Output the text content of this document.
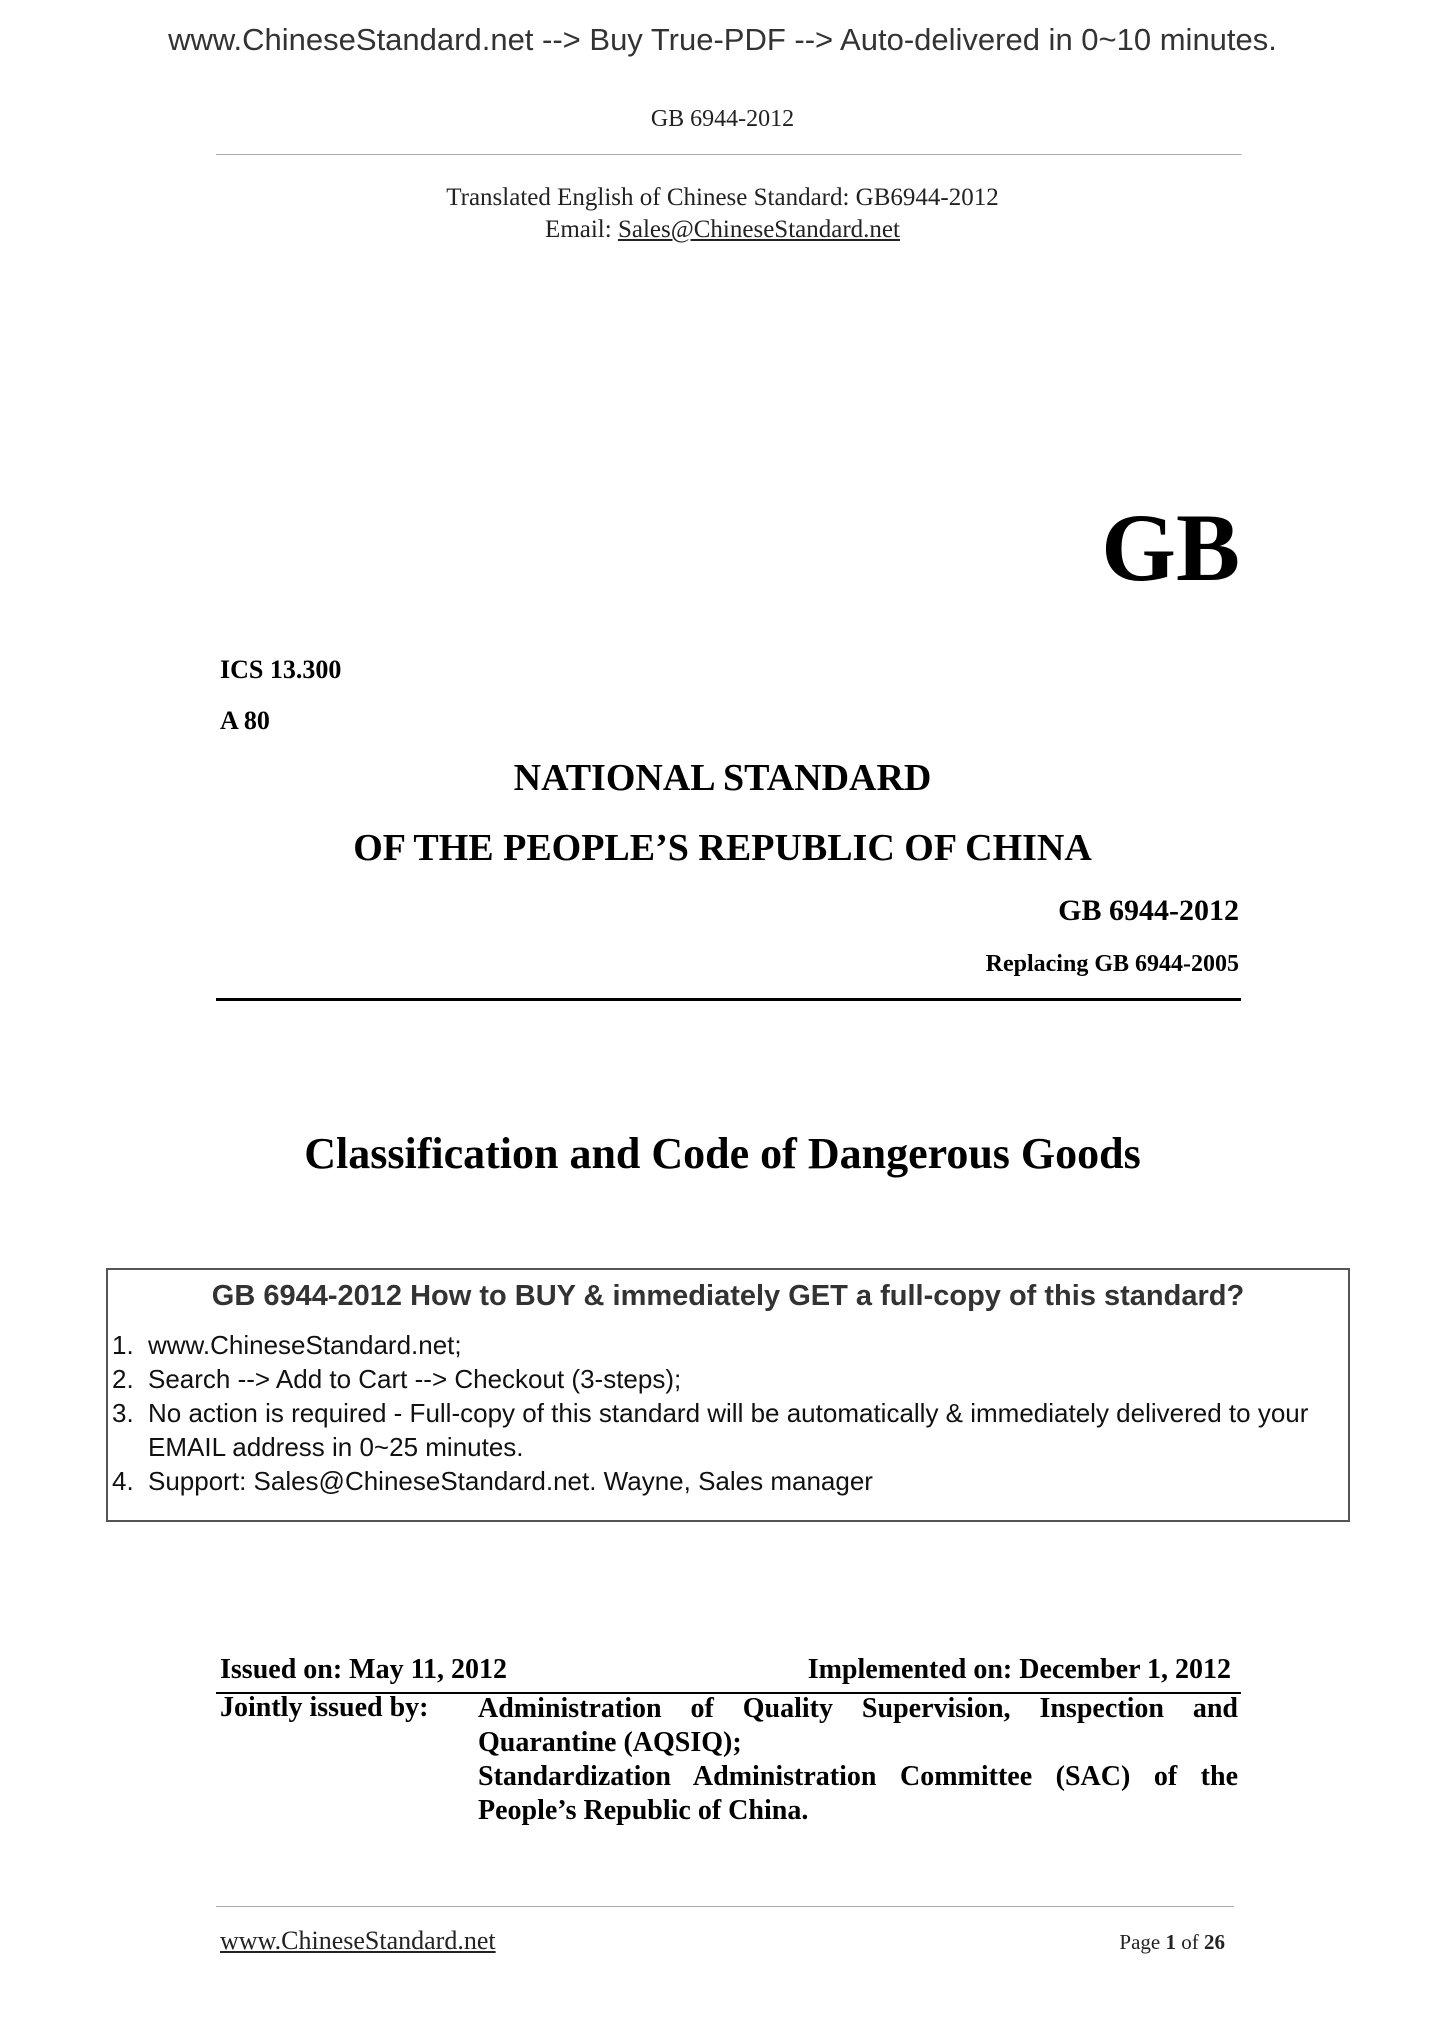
www.ChineseStandard.net --> Buy True-PDF --> Auto-delivered in 0~10 minutes.
GB 6944-2012
Translated English of Chinese Standard: GB6944-2012
Email: Sales@ChineseStandard.net
GB
ICS 13.300
A 80
NATIONAL STANDARD
OF THE PEOPLE’S REPUBLIC OF CHINA
GB 6944-2012
Replacing GB 6944-2005
Classification and Code of Dangerous Goods
GB 6944-2012 How to BUY & immediately GET a full-copy of this standard?
1. www.ChineseStandard.net;
2. Search --> Add to Cart --> Checkout (3-steps);
3. No action is required - Full-copy of this standard will be automatically & immediately delivered to your EMAIL address in 0~25 minutes.
4. Support: Sales@ChineseStandard.net. Wayne, Sales manager
Issued on: May 11, 2012	Implemented on: December 1, 2012
Jointly issued by: Administration of Quality Supervision, Inspection and Quarantine (AQSIQ);

Standardization Administration Committee (SAC) of the People’s Republic of China.

www.ChineseStandard.net	Page 1 of 26
